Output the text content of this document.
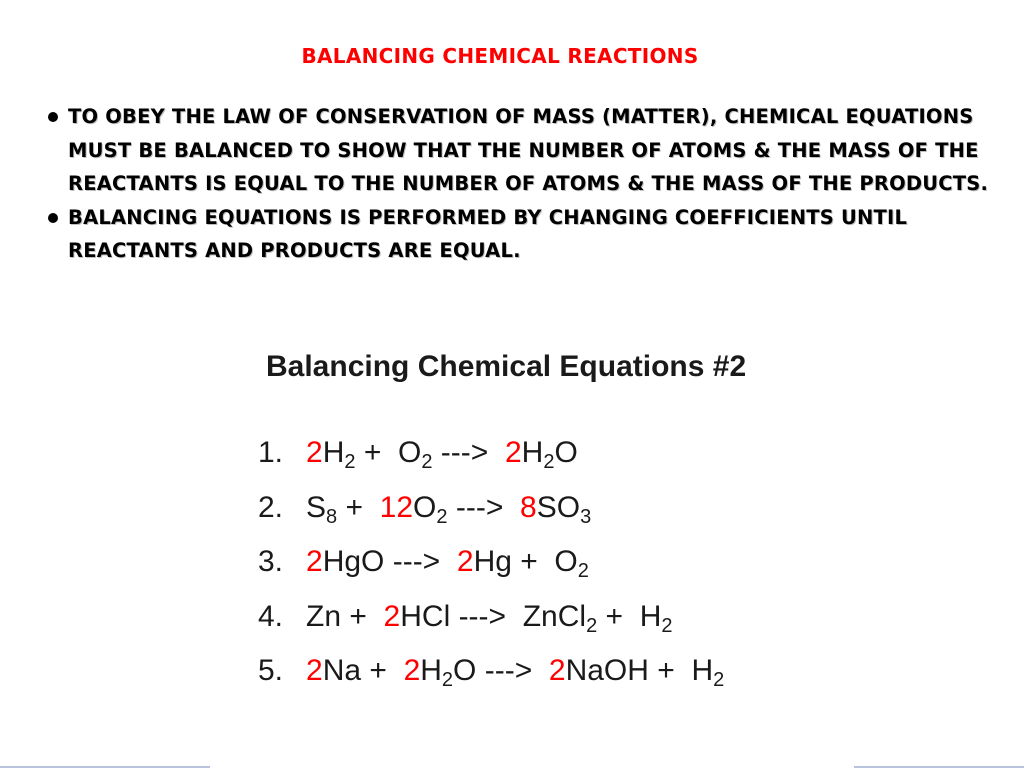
BALANCING CHEMICAL REACTIONS
TO OBEY THE LAW OF CONSERVATION OF MASS (MATTER), CHEMICAL EQUATIONS MUST BE BALANCED TO SHOW THAT THE NUMBER OF ATOMS & THE MASS OF THE REACTANTS IS EQUAL TO THE NUMBER OF ATOMS & THE MASS OF THE PRODUCTS.
BALANCING EQUATIONS IS PERFORMED BY CHANGING COEFFICIENTS UNTIL REACTANTS AND PRODUCTS ARE EQUAL.
Balancing Chemical Equations #2
1. $2H_2 + O_2$ --->  $2H_2O$
2. $S_8 + 12O_2$ --->  $8SO_3$
3. 2HgO --->  $2Hg + O_2$
4. Zn +  2HCl --->  ZnCl$_2$ +  $H_2$
5. $2Na + 2H_2O$ --->  2NaOH +  $H_2$
